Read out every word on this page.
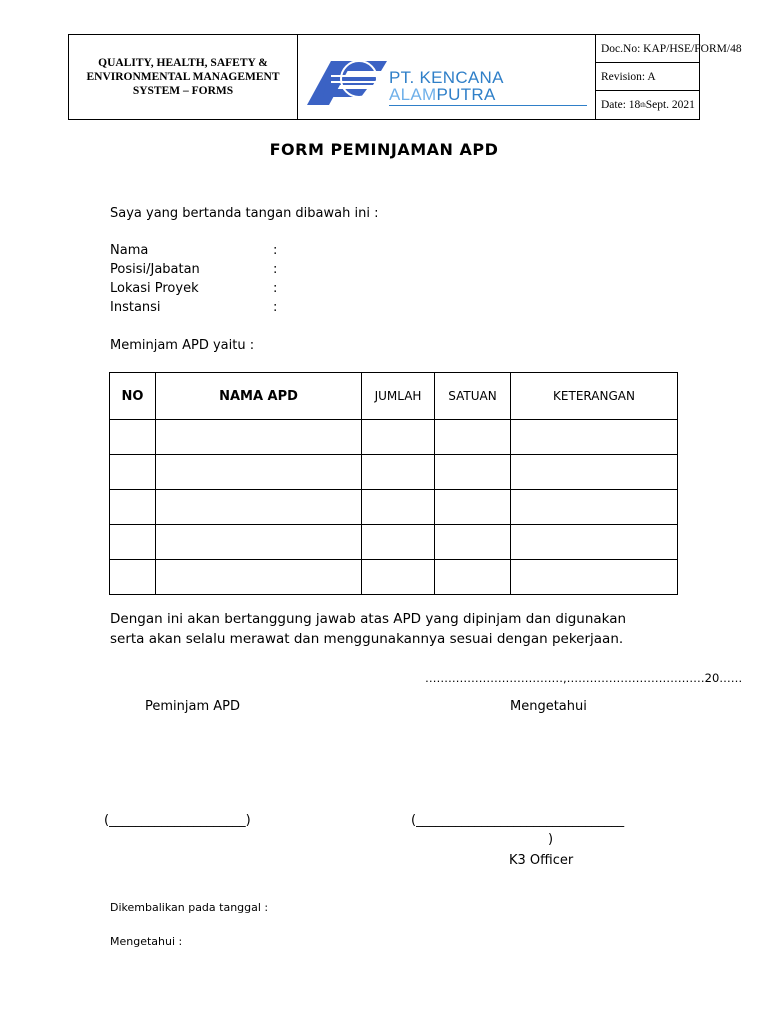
QUALITY, HEALTH, SAFETY &
ENVIRONMENTAL MANAGEMENT
SYSTEM – FORMS
PT. KENCANA
ALAMPUTRA
Doc.No: KAP/HSE/FORM/48
Revision: A
Date: 18 th Sept. 2021
FORM PEMINJAMAN APD
Saya yang bertanda tangan dibawah ini :
Nama	:
Posisi/Jabatan	:
Lokasi Proyek	:
Instansi	:
Meminjam APD yaitu :
NO	NAMA APD	JUMLAH	SATUAN	KETERANGAN

Dengan ini akan bertanggung jawab atas APD yang dipinjam dan digunakan
serta akan selalu merawat dan menggunakannya sesuai dengan pekerjaan.
………………………………,………………………………20……
Peminjam APD	Mengetahui
(_____________________)	(________________________________
)
K3 Officer
Dikembalikan pada tanggal :
Mengetahui :
